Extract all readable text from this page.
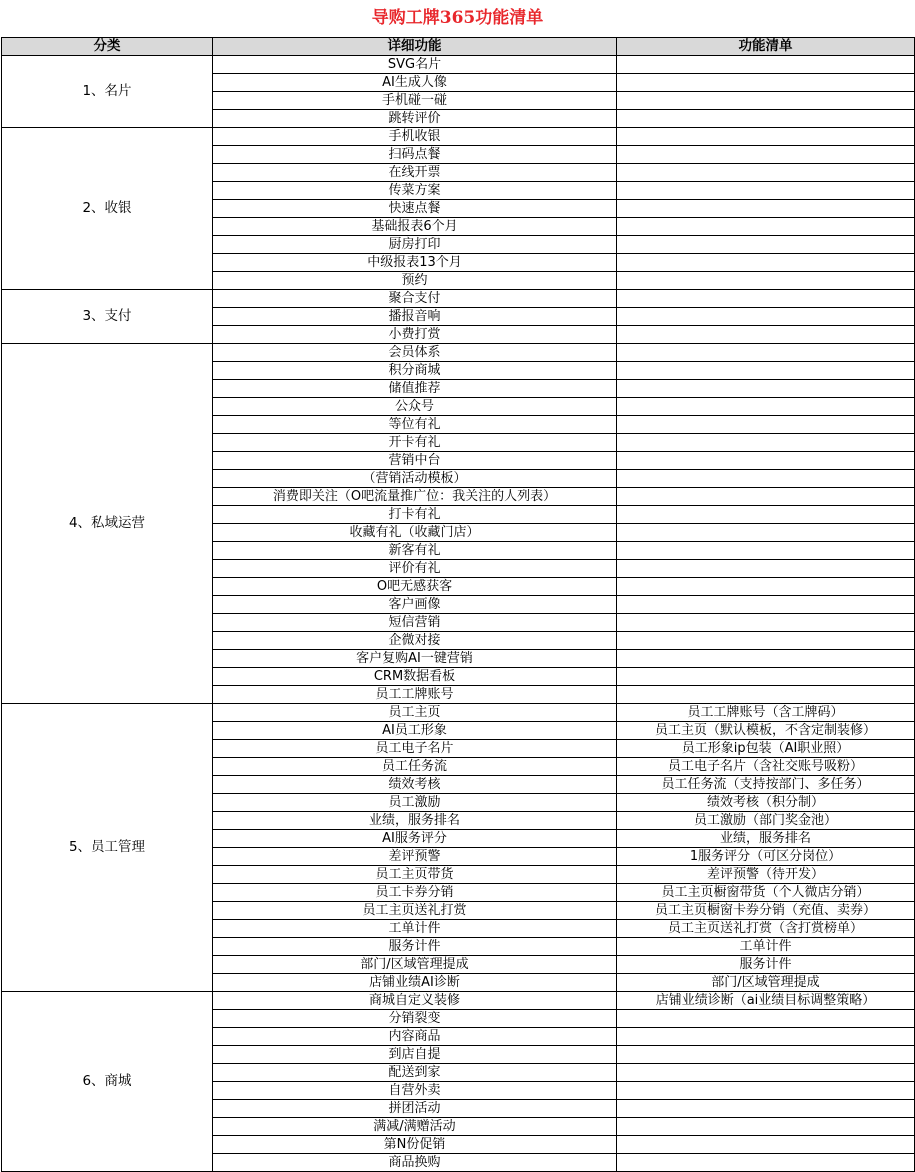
导购工牌365功能清单
分类	详细功能	功能清单
1、名片	SVG名片	
	AI生成人像	
	手机碰一碰	
	跳转评价	
2、收银	手机收银	
	扫码点餐	
	在线开票	
	传菜方案	
	快速点餐	
	基础报表6个月	
	厨房打印	
	中级报表13个月	
	预约	
3、支付	聚合支付	
	播报音响	
	小费打赏	
4、私域运营	会员体系	
	积分商城	
	储值推荐	
	公众号	
	等位有礼	
	开卡有礼	
	营销中台	
	（营销活动模板）	
	消费即关注（O吧流量推广位：我关注的人列表）	
	打卡有礼	
	收藏有礼（收藏门店）	
	新客有礼	
	评价有礼	
	O吧无感获客	
	客户画像	
	短信营销	
	企微对接	
	客户复购AI一键营销	
	CRM数据看板	
	员工工牌账号	
5、员工管理	员工主页	员工工牌账号（含工牌码）
	AI员工形象	员工主页（默认模板，不含定制装修）
	员工电子名片	员工形象ip包装（AI职业照）
	员工任务流	员工电子名片（含社交账号吸粉）
	绩效考核	员工任务流（支持按部门、多任务）
	员工激励	绩效考核（积分制）
	业绩，服务排名	员工激励（部门奖金池）
	AI服务评分	业绩，服务排名
	差评预警	1服务评分（可区分岗位）
	员工主页带货	差评预警（待开发）
	员工卡券分销	员工主页橱窗带货（个人微店分销）
	员工主页送礼打赏	员工主页橱窗卡券分销（充值、卖券）
	工单计件	员工主页送礼打赏（含打赏榜单）
	服务计件	工单计件
	部门/区域管理提成	服务计件
	店铺业绩AI诊断	部门/区域管理提成
6、商城	商城自定义装修	店铺业绩诊断（ai业绩目标调整策略）
	分销裂变	
	内容商品	
	到店自提	
	配送到家	
	自营外卖	
	拼团活动	
	满减/满赠活动	
	第N份促销	
	商品换购	
